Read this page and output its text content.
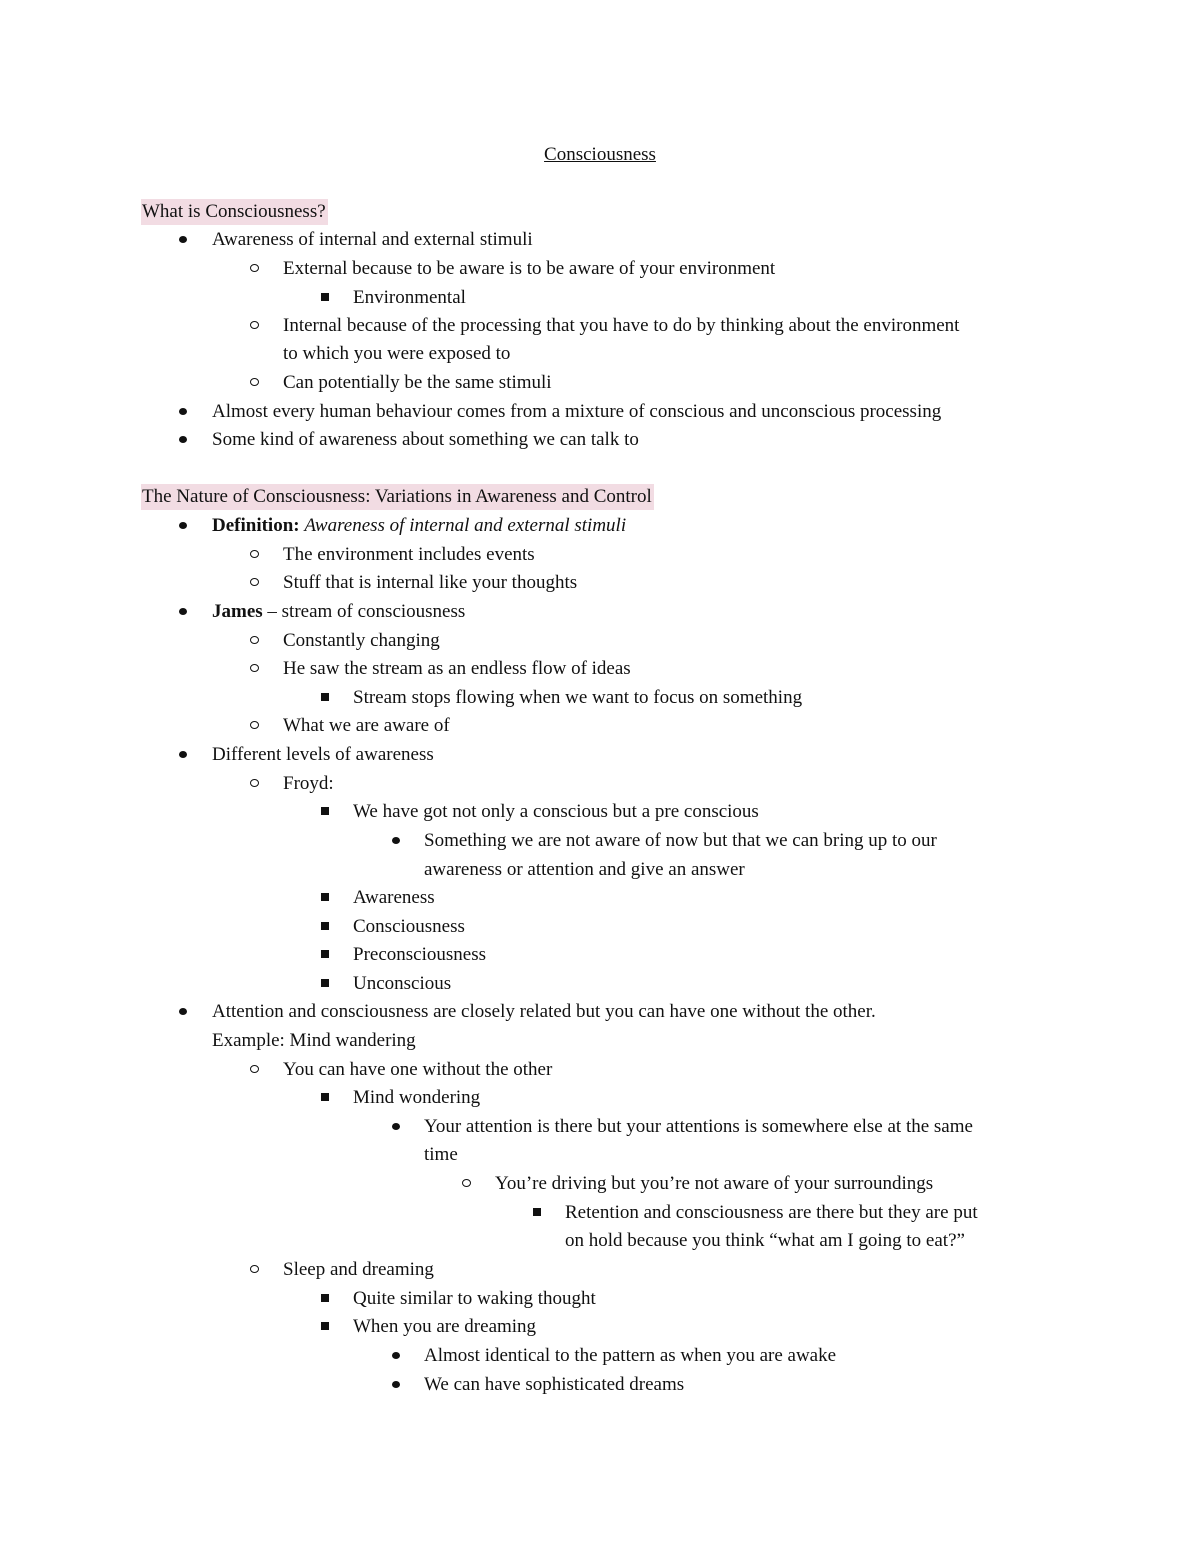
Consciousness
What is Consciousness?
Awareness of internal and external stimuli
External because to be aware is to be aware of your environment
Environmental
Internal because of the processing that you have to do by thinking about the environment
to which you were exposed to
Can potentially be the same stimuli
Almost every human behaviour comes from a mixture of conscious and unconscious processing
Some kind of awareness about something we can talk to
The Nature of Consciousness: Variations in Awareness and Control
Definition: Awareness of internal and external stimuli
The environment includes events
Stuff that is internal like your thoughts
James – stream of consciousness
Constantly changing
He saw the stream as an endless flow of ideas
Stream stops flowing when we want to focus on something
What we are aware of
Different levels of awareness
Froyd:
We have got not only a conscious but a pre conscious
Something we are not aware of now but that we can bring up to our
awareness or attention and give an answer
Awareness
Consciousness
Preconsciousness
Unconscious
Attention and consciousness are closely related but you can have one without the other.
Example: Mind wandering
You can have one without the other
Mind wondering
Your attention is there but your attentions is somewhere else at the same
time
You’re driving but you’re not aware of your surroundings
Retention and consciousness are there but they are put
on hold because you think “what am I going to eat?”
Sleep and dreaming
Quite similar to waking thought
When you are dreaming
Almost identical to the pattern as when you are awake
We can have sophisticated dreams
